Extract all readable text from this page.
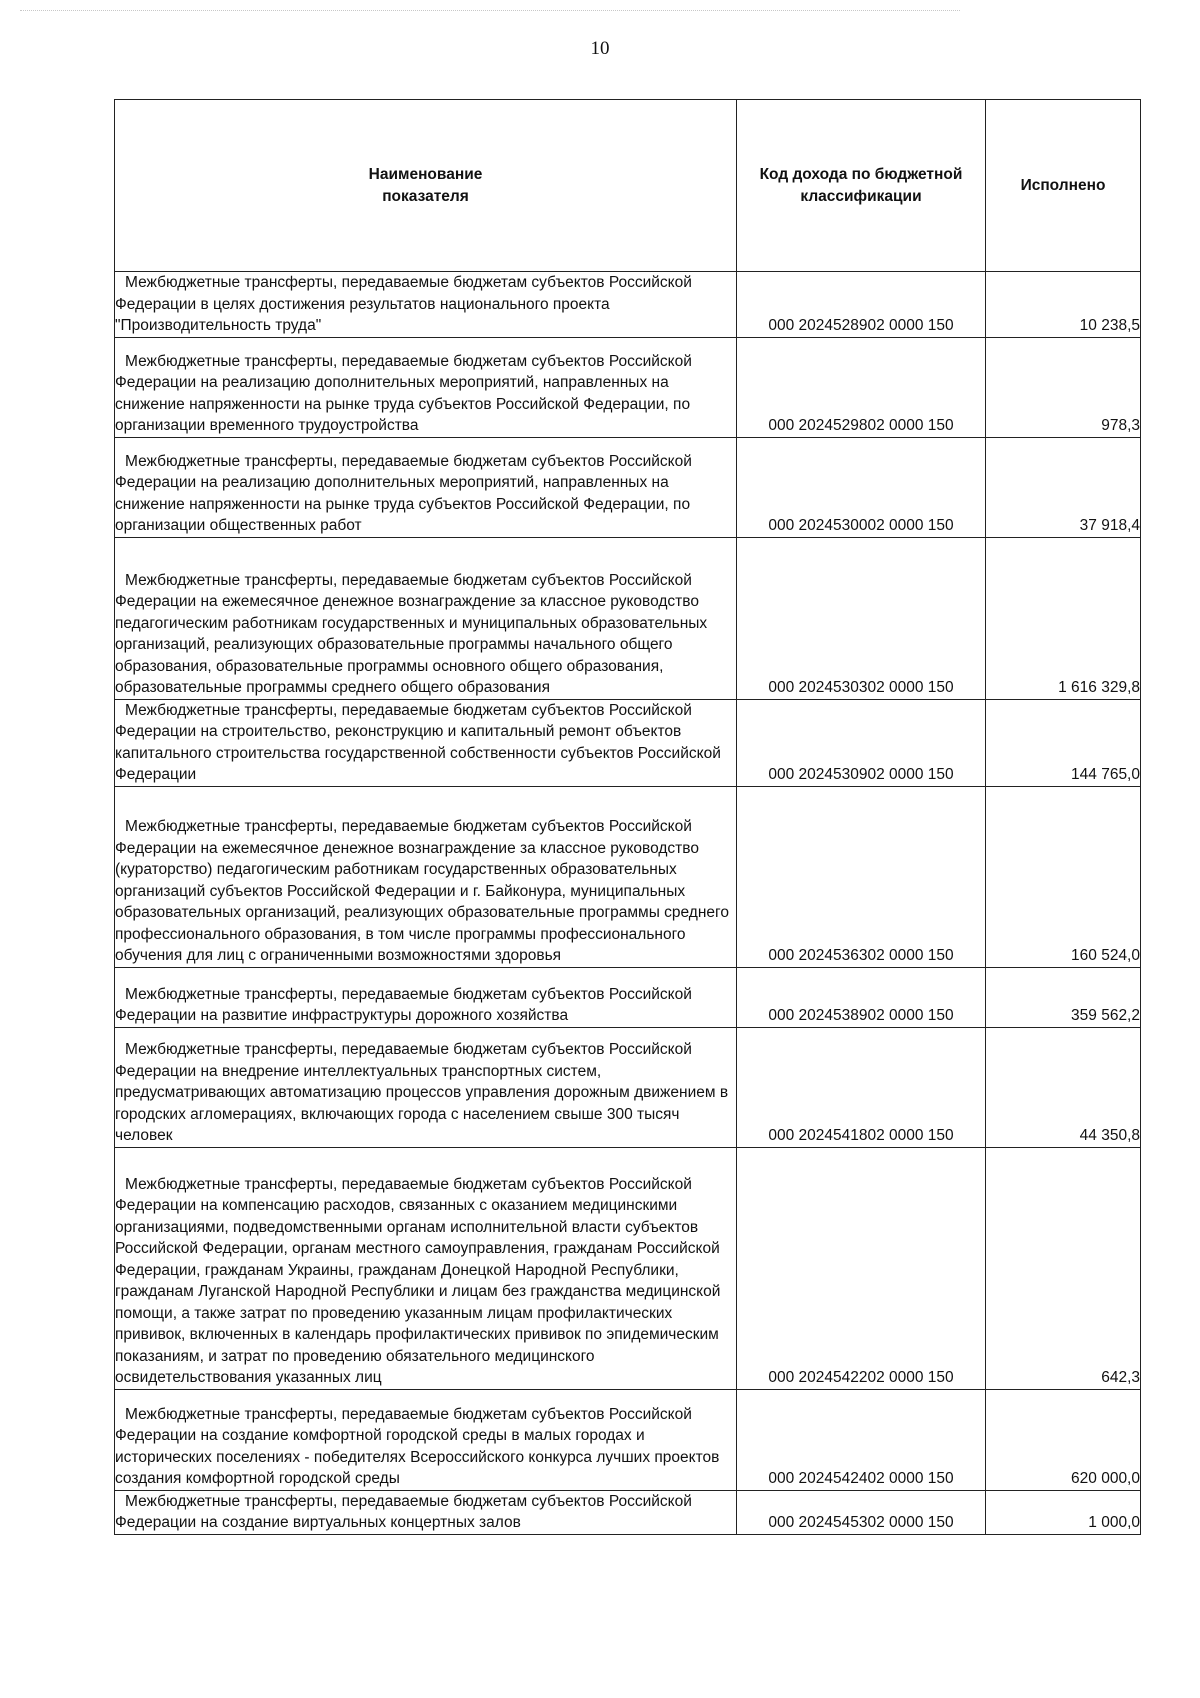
10
Наименование показателя	Код дохода по бюджетной классификации	Исполнено

Межбюджетные трансферты, передаваемые бюджетам субъектов Российской Федерации в целях достижения результатов национального проекта "Производительность труда"	000 2024528902 0000 150	10 238,5

Межбюджетные трансферты, передаваемые бюджетам субъектов Российской Федерации на реализацию дополнительных мероприятий, направленных на снижение напряженности на рынке труда субъектов Российской Федерации, по организации временного трудоустройства	000 2024529802 0000 150	978,3

Межбюджетные трансферты, передаваемые бюджетам субъектов Российской Федерации на реализацию дополнительных мероприятий, направленных на снижение напряженности на рынке труда субъектов Российской Федерации, по организации общественных работ	000 2024530002 0000 150	37 918,4

Межбюджетные трансферты, передаваемые бюджетам субъектов Российской Федерации на ежемесячное денежное вознаграждение за классное руководство педагогическим работникам государственных и муниципальных образовательных организаций, реализующих образовательные программы начального общего образования, образовательные программы основного общего образования, образовательные программы среднего общего образования	000 2024530302 0000 150	1 616 329,8

Межбюджетные трансферты, передаваемые бюджетам субъектов Российской Федерации на строительство, реконструкцию и капитальный ремонт объектов капитального строительства государственной собственности субъектов Российской Федерации	000 2024530902 0000 150	144 765,0

Межбюджетные трансферты, передаваемые бюджетам субъектов Российской Федерации на ежемесячное денежное вознаграждение за классное руководство (кураторство) педагогическим работникам государственных образовательных организаций субъектов Российской Федерации и г. Байконура, муниципальных образовательных организаций, реализующих образовательные программы среднего профессионального образования, в том числе программы профессионального обучения для лиц с ограниченными возможностями здоровья	000 2024536302 0000 150	160 524,0

Межбюджетные трансферты, передаваемые бюджетам субъектов Российской Федерации на развитие инфраструктуры дорожного хозяйства	000 2024538902 0000 150	359 562,2

Межбюджетные трансферты, передаваемые бюджетам субъектов Российской Федерации на внедрение интеллектуальных транспортных систем, предусматривающих автоматизацию процессов управления дорожным движением в городских агломерациях, включающих города с населением свыше 300 тысяч человек	000 2024541802 0000 150	44 350,8

Межбюджетные трансферты, передаваемые бюджетам субъектов Российской Федерации на компенсацию расходов, связанных с оказанием медицинскими организациями, подведомственными органам исполнительной власти субъектов Российской Федерации, органам местного самоуправления, гражданам Российской Федерации, гражданам Украины, гражданам Донецкой Народной Республики, гражданам Луганской Народной Республики и лицам без гражданства медицинской помощи, а также затрат по проведению указанным лицам профилактических прививок, включенных в календарь профилактических прививок по эпидемическим показаниям, и затрат по проведению обязательного медицинского освидетельствования указанных лиц	000 2024542202 0000 150	642,3

Межбюджетные трансферты, передаваемые бюджетам субъектов Российской Федерации на создание комфортной городской среды в малых городах и исторических поселениях - победителях Всероссийского конкурса лучших проектов создания комфортной городской среды	000 2024542402 0000 150	620 000,0

Межбюджетные трансферты, передаваемые бюджетам субъектов Российской Федерации на создание виртуальных концертных залов	000 2024545302 0000 150	1 000,0
